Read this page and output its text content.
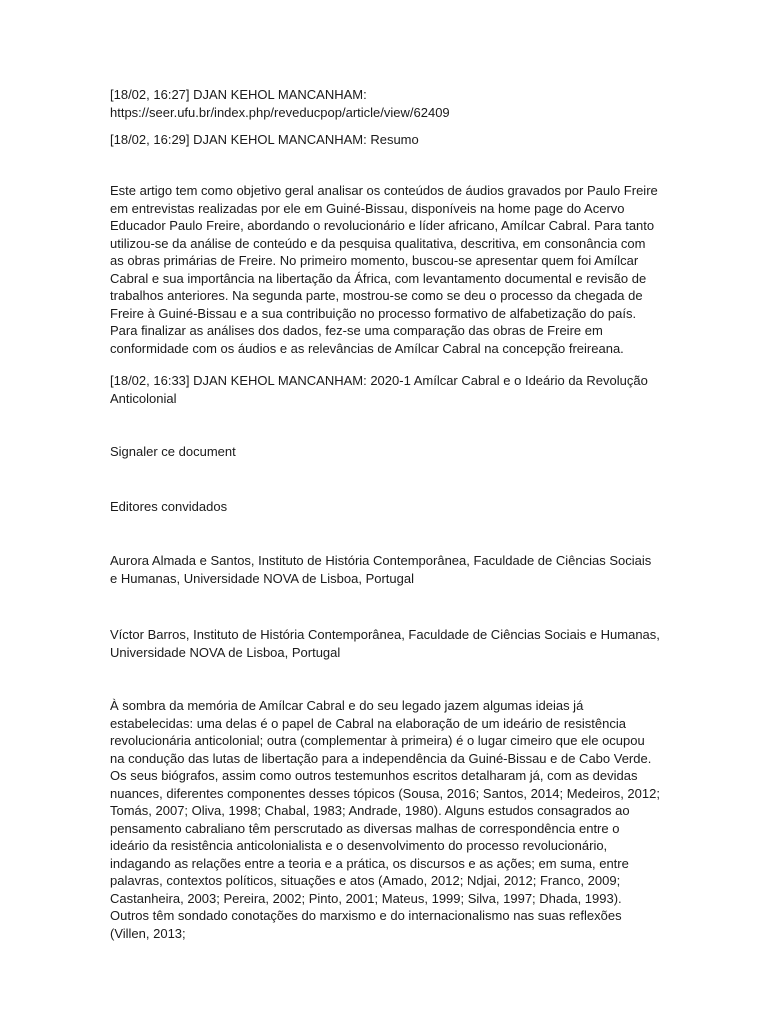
[18/02, 16:27] DJAN KEHOL MANCANHAM:
https://seer.ufu.br/index.php/reveducpop/article/view/62409

[18/02, 16:29] DJAN KEHOL MANCANHAM: Resumo

Este artigo tem como objetivo geral analisar os conteúdos de áudios gravados por Paulo Freire em entrevistas realizadas por ele em Guiné-Bissau, disponíveis na home page do Acervo Educador Paulo Freire, abordando o revolucionário e líder africano, Amílcar Cabral. Para tanto utilizou-se da análise de conteúdo e da pesquisa qualitativa, descritiva, em consonância com as obras primárias de Freire. No primeiro momento, buscou-se apresentar quem foi Amílcar Cabral e sua importância na libertação da África, com levantamento documental e revisão de trabalhos anteriores. Na segunda parte, mostrou-se como se deu o processo da chegada de Freire à Guiné-Bissau e a sua contribuição no processo formativo de alfabetização do país. Para finalizar as análises dos dados, fez-se uma comparação das obras de Freire em conformidade com os áudios e as relevâncias de Amílcar Cabral na concepção freireana.

[18/02, 16:33] DJAN KEHOL MANCANHAM: 2020-1 Amílcar Cabral e o Ideário da Revolução Anticolonial

Signaler ce document

Editores convidados

Aurora Almada e Santos, Instituto de História Contemporânea, Faculdade de Ciências Sociais e Humanas, Universidade NOVA de Lisboa, Portugal

Víctor Barros, Instituto de História Contemporânea, Faculdade de Ciências Sociais e Humanas, Universidade NOVA de Lisboa, Portugal

À sombra da memória de Amílcar Cabral e do seu legado jazem algumas ideias já estabelecidas: uma delas é o papel de Cabral na elaboração de um ideário de resistência revolucionária anticolonial; outra (complementar à primeira) é o lugar cimeiro que ele ocupou na condução das lutas de libertação para a independência da Guiné-Bissau e de Cabo Verde. Os seus biógrafos, assim como outros testemunhos escritos detalharam já, com as devidas nuances, diferentes componentes desses tópicos (Sousa, 2016; Santos, 2014; Medeiros, 2012; Tomás, 2007; Oliva, 1998; Chabal, 1983; Andrade, 1980). Alguns estudos consagrados ao pensamento cabraliano têm perscrutado as diversas malhas de correspondência entre o ideário da resistência anticolonialista e o desenvolvimento do processo revolucionário, indagando as relações entre a teoria e a prática, os discursos e as ações; em suma, entre palavras, contextos políticos, situações e atos (Amado, 2012; Ndjai, 2012; Franco, 2009; Castanheira, 2003; Pereira, 2002; Pinto, 2001; Mateus, 1999; Silva, 1997; Dhada, 1993). Outros têm sondado conotações do marxismo e do internacionalismo nas suas reflexões (Villen, 2013;
